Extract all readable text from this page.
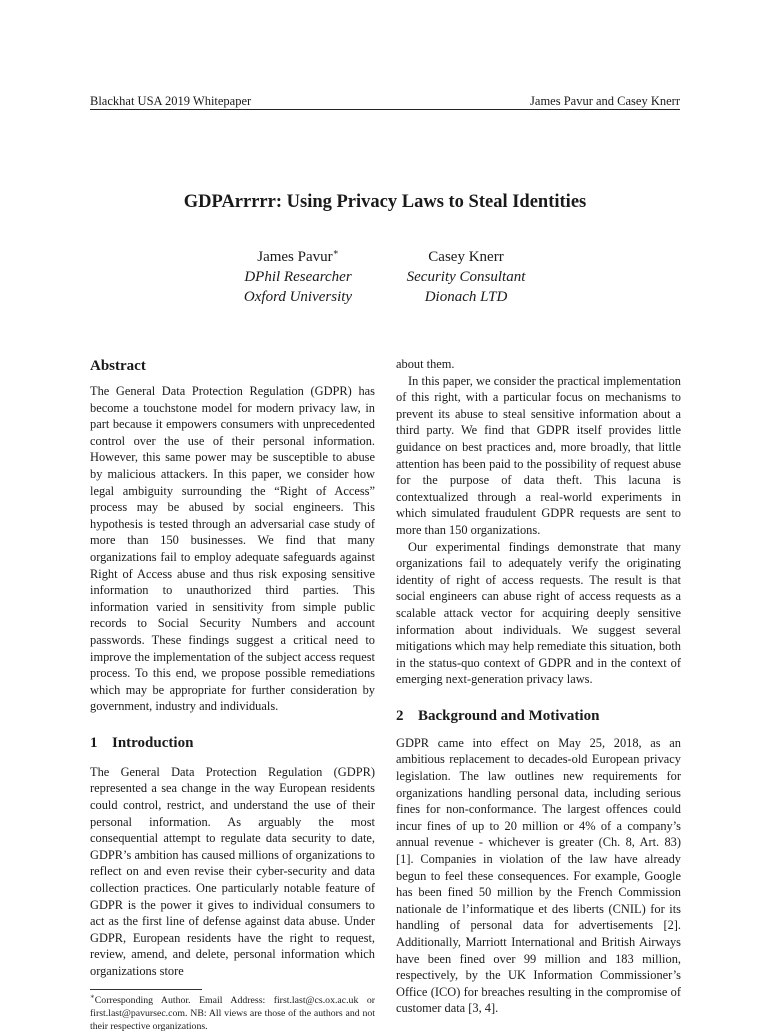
Blackhat USA 2019 Whitepaper	James Pavur and Casey Knerr
GDPArrrrr: Using Privacy Laws to Steal Identities
James Pavur∗
DPhil Researcher
Oxford University
Casey Knerr
Security Consultant
Dionach LTD
Abstract

The General Data Protection Regulation (GDPR) has become a touchstone model for modern privacy law, in part because it empowers consumers with unprecedented control over the use of their personal information. However, this same power may be susceptible to abuse by malicious attackers. In this paper, we consider how legal ambiguity surrounding the “Right of Access” process may be abused by social engineers. This hypothesis is tested through an adversarial case study of more than 150 businesses. We find that many organizations fail to employ adequate safeguards against Right of Access abuse and thus risk exposing sensitive information to unauthorized third parties. This information varied in sensitivity from simple public records to Social Security Numbers and account passwords. These findings suggest a critical need to improve the implementation of the subject access request process. To this end, we propose possible remediations which may be appropriate for further consideration by government, industry and individuals.

1 Introduction

The General Data Protection Regulation (GDPR) represented a sea change in the way European residents could control, restrict, and understand the use of their personal information. As arguably the most consequential attempt to regulate data security to date, GDPR’s ambition has caused millions of organizations to reflect on and even revise their cyber-security and data collection practices. One particularly notable feature of GDPR is the power it gives to individual consumers to act as the first line of defense against data abuse. Under GDPR, European residents have the right to request, review, amend, and delete, personal information which organizations store

∗Corresponding Author. Email Address: first.last@cs.ox.ac.uk or first.last@pavursec.com. NB: All views are those of the authors and not their respective organizations.

about them.

In this paper, we consider the practical implementation of this right, with a particular focus on mechanisms to prevent its abuse to steal sensitive information about a third party. We find that GDPR itself provides little guidance on best practices and, more broadly, that little attention has been paid to the possibility of request abuse for the purpose of data theft. This lacuna is contextualized through a real-world experiments in which simulated fraudulent GDPR requests are sent to more than 150 organizations.

Our experimental findings demonstrate that many organizations fail to adequately verify the originating identity of right of access requests. The result is that social engineers can abuse right of access requests as a scalable attack vector for acquiring deeply sensitive information about individuals. We suggest several mitigations which may help remediate this situation, both in the status-quo context of GDPR and in the context of emerging next-generation privacy laws.

2 Background and Motivation

GDPR came into effect on May 25, 2018, as an ambitious replacement to decades-old European privacy legislation. The law outlines new requirements for organizations handling personal data, including serious fines for non-conformance. The largest offences could incur fines of up to 20 million or 4% of a company’s annual revenue - whichever is greater (Ch. 8, Art. 83) [1]. Companies in violation of the law have already begun to feel these consequences. For example, Google has been fined 50 million by the French Commission nationale de l’informatique et des liberts (CNIL) for its handling of personal data for advertisements [2]. Additionally, Marriott International and British Airways have been fined over 99 million and 183 million, respectively, by the UK Information Commissioner’s Office (ICO) for breaches resulting in the compromise of customer data [3, 4].
